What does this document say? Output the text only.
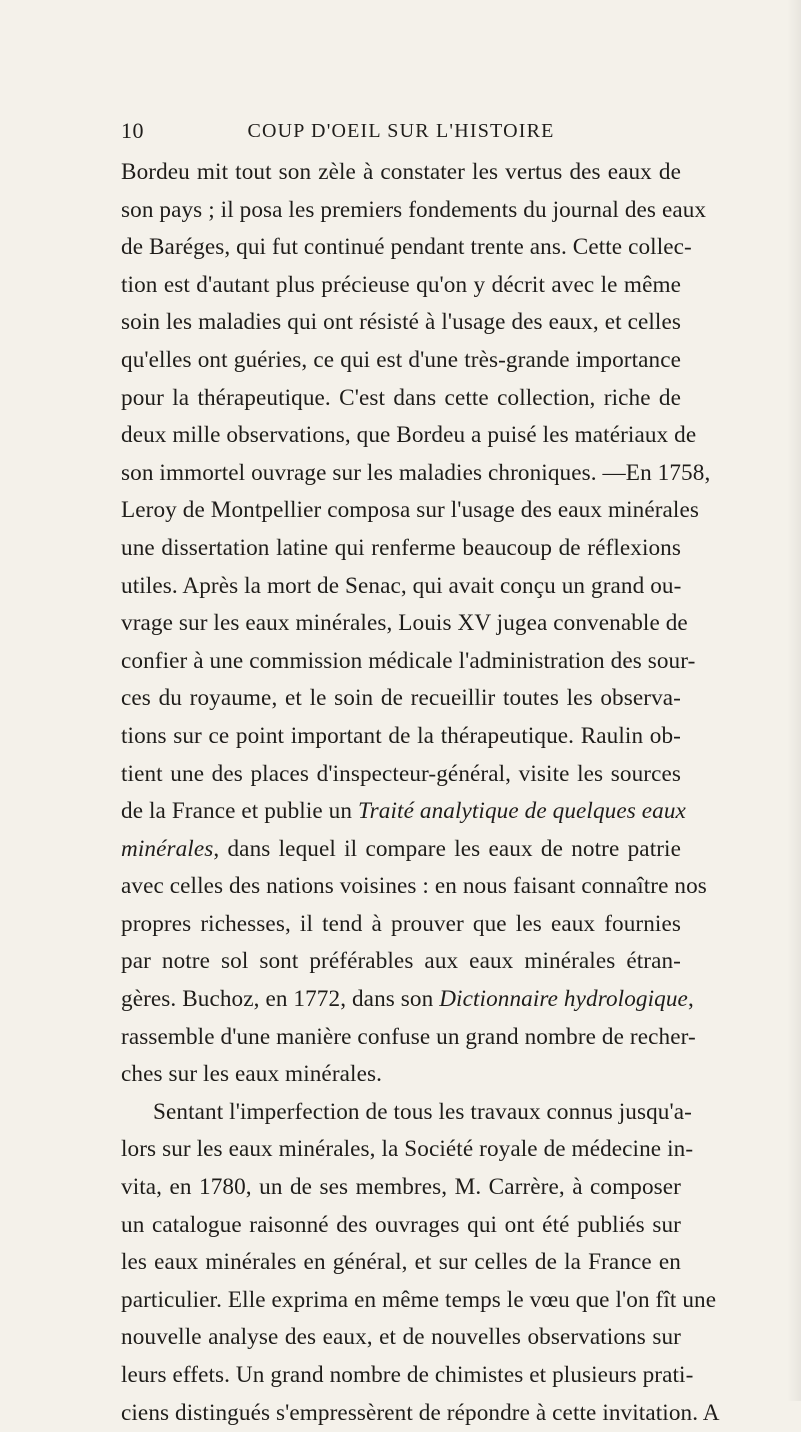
10	COUP D'OEIL SUR L'HISTOIRE
Bordeu mit tout son zèle à constater les vertus des eaux de
son pays ; il posa les premiers fondements du journal des eaux
de Baréges, qui fut continué pendant trente ans. Cette collec-
tion est d'autant plus précieuse qu'on y décrit avec le même
soin les maladies qui ont résisté à l'usage des eaux, et celles
qu'elles ont guéries, ce qui est d'une très-grande importance
pour la thérapeutique. C'est dans cette collection, riche de
deux mille observations, que Bordeu a puisé les matériaux de
son immortel ouvrage sur les maladies chroniques. —En 1758,
Leroy de Montpellier composa sur l'usage des eaux minérales
une dissertation latine qui renferme beaucoup de réflexions
utiles. Après la mort de Senac, qui avait conçu un grand ou-
vrage sur les eaux minérales, Louis XV jugea convenable de
confier à une commission médicale l'administration des sour-
ces du royaume, et le soin de recueillir toutes les observa-
tions sur ce point important de la thérapeutique. Raulin ob-
tient une des places d'inspecteur-général, visite les sources
de la France et publie un Traité analytique de quelques eaux
minérales, dans lequel il compare les eaux de notre patrie
avec celles des nations voisines : en nous faisant connaître nos
propres richesses, il tend à prouver que les eaux fournies
par notre sol sont préférables aux eaux minérales étran-
gères. Buchoz, en 1772, dans son Dictionnaire hydrologique,
rassemble d'une manière confuse un grand nombre de recher-
ches sur les eaux minérales.
Sentant l'imperfection de tous les travaux connus jusqu'a-
lors sur les eaux minérales, la Société royale de médecine in-
vita, en 1780, un de ses membres, M. Carrère, à composer
un catalogue raisonné des ouvrages qui ont été publiés sur
les eaux minérales en général, et sur celles de la France en
particulier. Elle exprima en même temps le vœu que l'on fît une
nouvelle analyse des eaux, et de nouvelles observations sur
leurs effets. Un grand nombre de chimistes et plusieurs prati-
ciens distingués s'empressèrent de répondre à cette invitation. A
